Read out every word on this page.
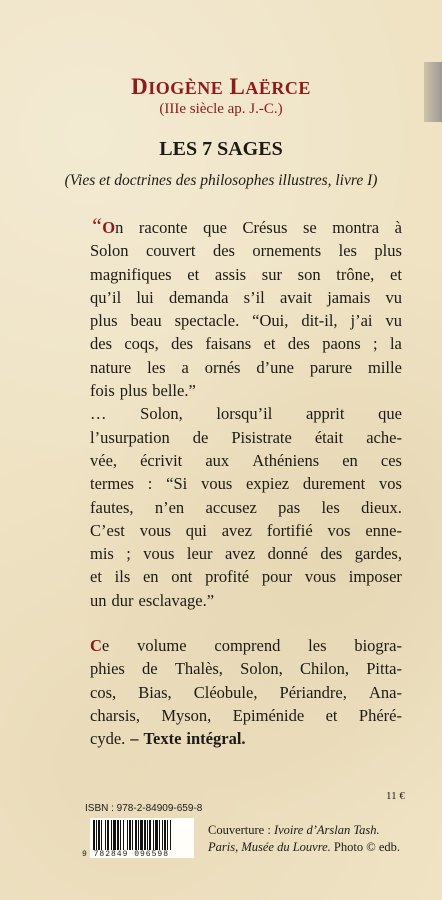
DIOGÈNE LAËRCE
(IIIe siècle ap. J.-C.)
LES 7 SAGES
(Vies et doctrines des philosophes illustres, livre I)
“On raconte que Crésus se montra à
Solon couvert des ornements les plus
magnifiques et assis sur son trône, et
qu’il lui demanda s’il avait jamais vu
plus beau spectacle. “Oui, dit-il, j’ai vu
des coqs, des faisans et des paons ; la
nature les a ornés d’une parure mille
fois plus belle.”
… Solon, lorsqu’il apprit que
l’usurpation de Pisistrate était ache-
vée, écrivit aux Athéniens en ces
termes : “Si vous expiez durement vos
fautes, n’en accusez pas les dieux.
C’est vous qui avez fortifié vos enne-
mis ; vous leur avez donné des gardes,
et ils en ont profité pour vous imposer
un dur esclavage.”
Ce volume comprend les biogra-
phies de Thalès, Solon, Chilon, Pitta-
cos, Bias, Cléobule, Périandre, Ana-
charsis, Myson, Epiménide et Phéré-
cyde. – Texte intégral.
11 €
ISBN : 978-2-84909-659-8
9 782849 096598
Couverture : Ivoire d’Arslan Tash.
Paris, Musée du Louvre. Photo © edb.
